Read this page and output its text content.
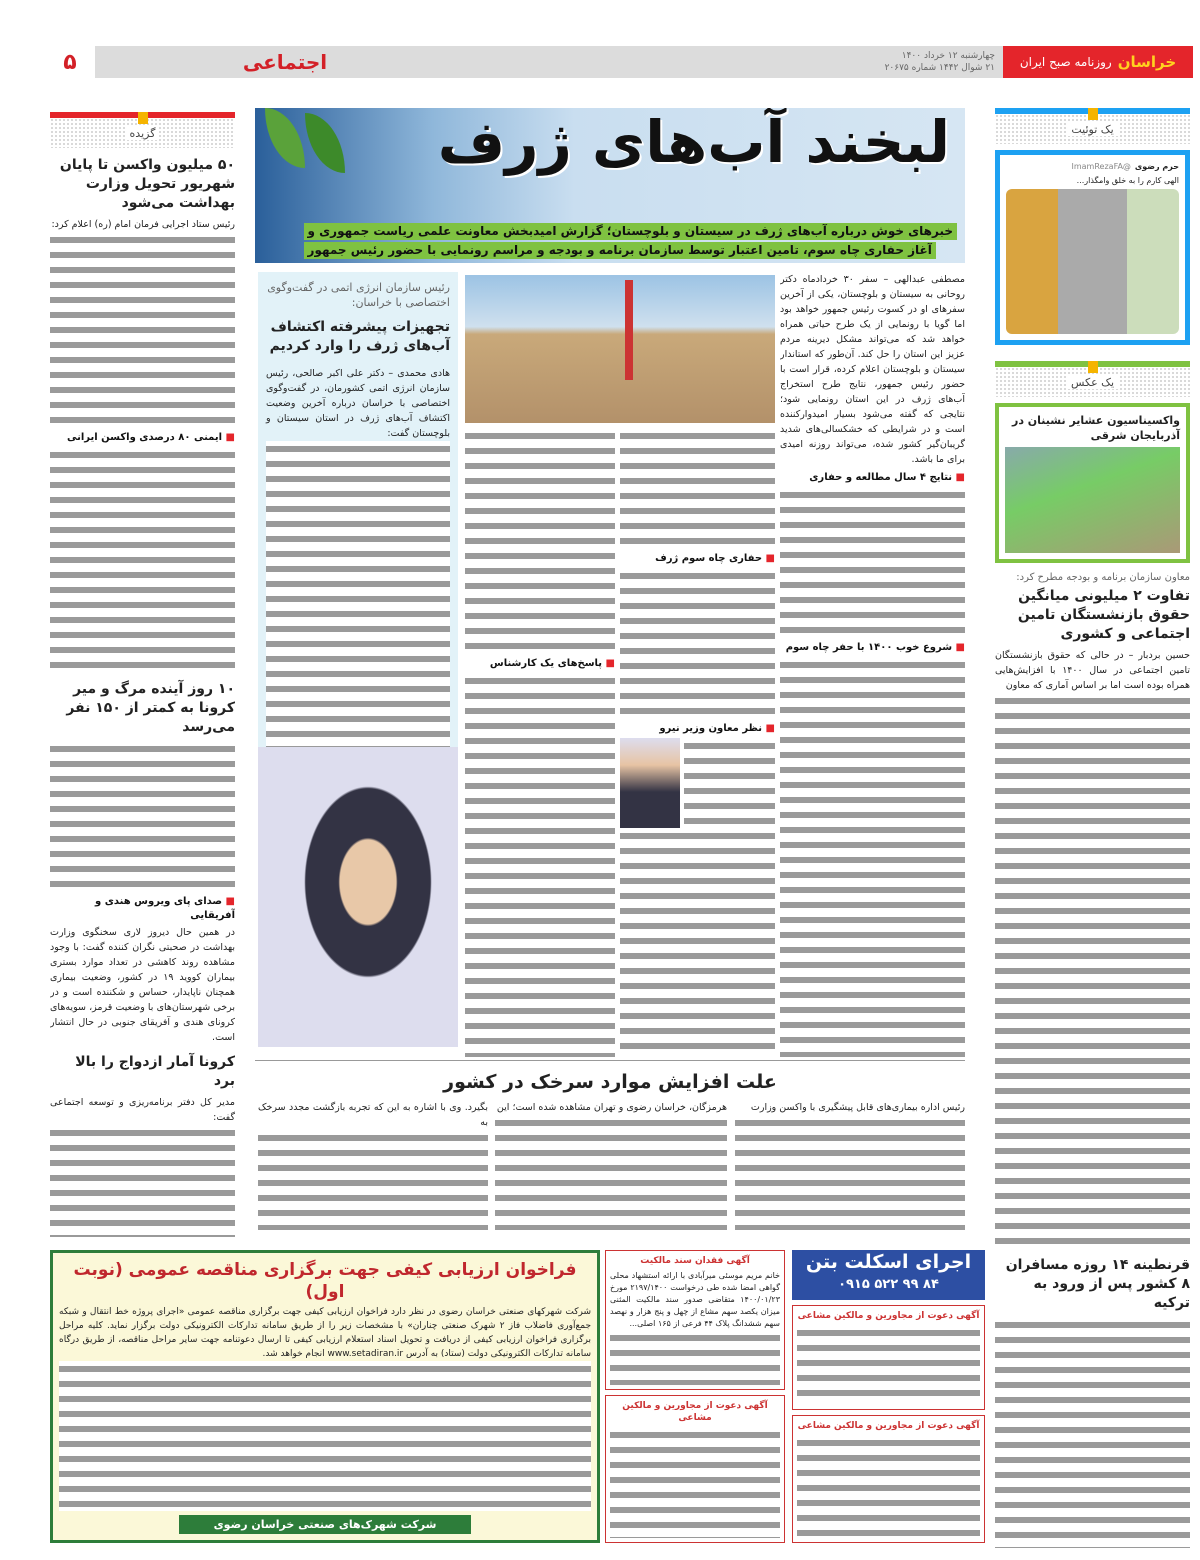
خراسان
روزنامه صبح ایران
چهارشنبه ۱۲ خرداد ۱۴۰۰
۲۱ شوال ۱۴۴۲ شماره ۲۰۶۷۵
اجتماعی
۵
لبخند آب‌های ژرف
خبرهای خوش درباره آب‌های ژرف در سیستان و بلوچستان؛ گزارش امیدبخش معاونت علمی ریاست جمهوری و
آغاز حفاری چاه سوم، تامین اعتبار توسط سازمان برنامه و بودجه و مراسم رونمایی با حضور رئیس جمهور
رئیس سازمان انرژی اتمی در گفت‌وگوی اختصاصی با خراسان:
تجهیزات پیشرفته اکتشاف آب‌های ژرف را وارد کردیم

هادی محمدی – دکتر علی اکبر صالحی، رئیس سازمان انرژی اتمی کشورمان، در گفت‌وگوی اختصاصی با خراسان درباره آخرین وضعیت اکتشاف آب‌های ژرف در استان سیستان و بلوچستان گفت:

مصطفی عبدالهی – سفر ۳۰ خردادماه دکتر روحانی به سیستان و بلوچستان، یکی از آخرین سفرهای او در کسوت رئیس جمهور خواهد بود اما گویا با رونمایی از یک طرح حیاتی همراه خواهد شد که می‌تواند مشکل دیرینه مردم عزیز این استان را حل کند. آن‌طور که استاندار سیستان و بلوچستان اعلام کرده، قرار است با حضور رئیس جمهور، نتایج طرح استخراج آب‌های ژرف در این استان رونمایی شود؛ نتایجی که گفته می‌شود بسیار امیدوارکننده است و در شرایطی که خشکسالی‌های شدید گریبان‌گیر کشور شده، می‌تواند روزنه امیدی برای ما باشد.

■ نتایج ۴ سال مطالعه و حفاری
■ شروع خوب ۱۴۰۰ با حفر چاه سوم
■ حفاری چاه سوم ژرف
■ نظر معاون وزیر نیرو
■ پاسخ‌های یک کارشناس
علت افزایش موارد سرخک در کشور

رئیس اداره بیماری‌های قابل پیشگیری با واکسن وزارت

هرمزگان، خراسان رضوی و تهران مشاهده شده است؛ این

بگیرد. وی با اشاره به این که تجربه بازگشت مجدد سرخک به

گزیده
۵۰ میلیون واکسن تا پایان شهریور تحویل وزارت بهداشت می‌شود

رئیس ستاد اجرایی فرمان امام (ره) اعلام کرد:

■ ایمنی ۸۰ درصدی واکسن ایرانی
۱۰ روز آینده مرگ و میر کرونا به کمتر از ۱۵۰ نفر می‌رسد
■ صدای پای ویروس هندی و آفریقایی

در همین حال دیروز لاری سخنگوی وزارت بهداشت در صحبتی نگران کننده گفت: با وجود مشاهده روند کاهشی در تعداد موارد بستری بیماران کووید ۱۹ در کشور، وضعیت بیماری همچنان ناپایدار، حساس و شکننده است و در برخی شهرستان‌های با وضعیت قرمز، سویه‌های کرونای هندی و آفریقای جنوبی در حال انتشار است.

کرونا آمار ازدواج را بالا برد

مدیر کل دفتر برنامه‌ریزی و توسعه اجتماعی گفت:

یک توئیت
حرم رضوی
@ImamRezaFA
الهی کارم را به خلق وامگذار...
یک عکس
واکسیناسیون عشایر نشینان در آذربایجان شرقی
معاون سازمان برنامه و بودجه مطرح کرد:
تفاوت ۲ میلیونی میانگین حقوق بازنشستگان تامین اجتماعی و کشوری

حسین بردبار – در حالی که حقوق بازنشستگان تامین اجتماعی در سال ۱۴۰۰ با افزایش‌هایی همراه بوده است اما بر اساس آماری که معاون

قرنطینه ۱۴ روزه مسافران ۸ کشور پس از ورود به ترکیه
فراخوان ارزیابی کیفی جهت برگزاری مناقصه عمومی (نوبت اول)

شرکت شهرکهای صنعتی خراسان رضوی در نظر دارد فراخوان ارزیابی کیفی جهت برگزاری مناقصه عمومی «اجرای پروژه خط انتقال و شبکه جمع‌آوری فاضلاب فاز ۲ شهرک صنعتی چناران» با مشخصات زیر را از طریق سامانه تدارکات الکترونیکی دولت برگزار نماید. کلیه مراحل برگزاری فراخوان ارزیابی کیفی از دریافت و تحویل اسناد استعلام ارزیابی کیفی تا ارسال دعوتنامه جهت سایر مراحل مناقصه، از طریق درگاه سامانه تدارکات الکترونیکی دولت (ستاد) به آدرس www.setadiran.ir انجام خواهد شد.

شرکت شهرک‌های صنعتی خراسان رضوی
آگهی فقدان سند مالکیت

خانم مریم موسئی میرآبادی با ارائه استشهاد محلی گواهی امضا شده طی درخواست ۲۱۹۷/۱۴۰۰ مورخ ۱۴۰۰/۰۱/۲۳ متقاضی صدور سند مالکیت المثنی میزان یکصد سهم مشاع از چهل و پنج هزار و نهصد سهم ششدانگ پلاک ۴۴ فرعی از ۱۶۵ اصلی...

آگهی دعوت از مجاورین و مالکین مشاعی
اجرای اسکلت بتن
۰۹۱۵ ۵۲۲ ۹۹ ۸۴
آگهی دعوت از مجاورین و مالکین مشاعی
آگهی دعوت از مجاورین و مالکین مشاعی
